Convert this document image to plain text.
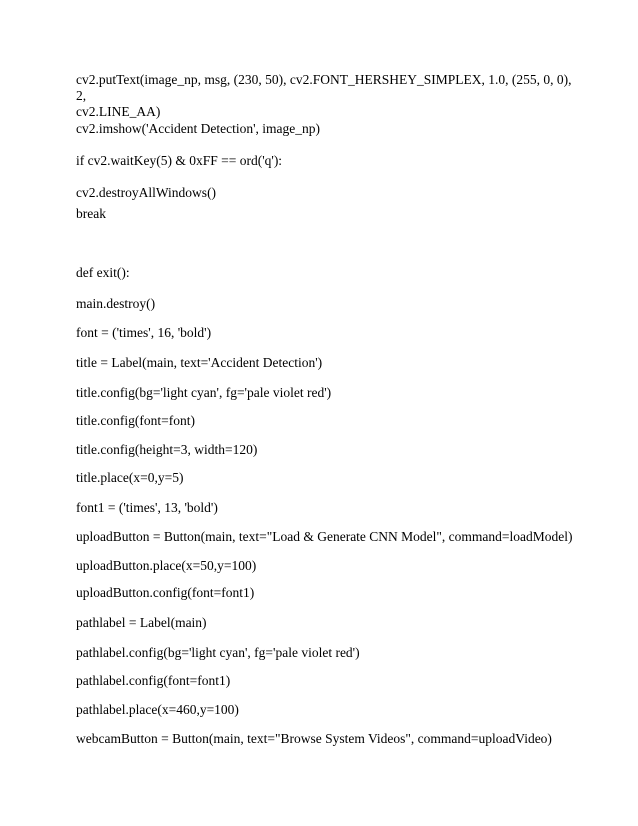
cv2.putText(image_np, msg, (230, 50), cv2.FONT_HERSHEY_SIMPLEX, 1.0, (255, 0, 0), 2,
cv2.LINE_AA)
cv2.imshow('Accident Detection', image_np)
if cv2.waitKey(5) & 0xFF == ord('q'):
cv2.destroyAllWindows()
break
def exit():
main.destroy()
font = ('times', 16, 'bold')
title = Label(main, text='Accident Detection')
title.config(bg='light cyan', fg='pale violet red')
title.config(font=font)
title.config(height=3, width=120)
title.place(x=0,y=5)
font1 = ('times', 13, 'bold')
uploadButton = Button(main, text="Load & Generate CNN Model", command=loadModel)
uploadButton.place(x=50,y=100)
uploadButton.config(font=font1)
pathlabel = Label(main)
pathlabel.config(bg='light cyan', fg='pale violet red')
pathlabel.config(font=font1)
pathlabel.place(x=460,y=100)
webcamButton = Button(main, text="Browse System Videos", command=uploadVideo)
